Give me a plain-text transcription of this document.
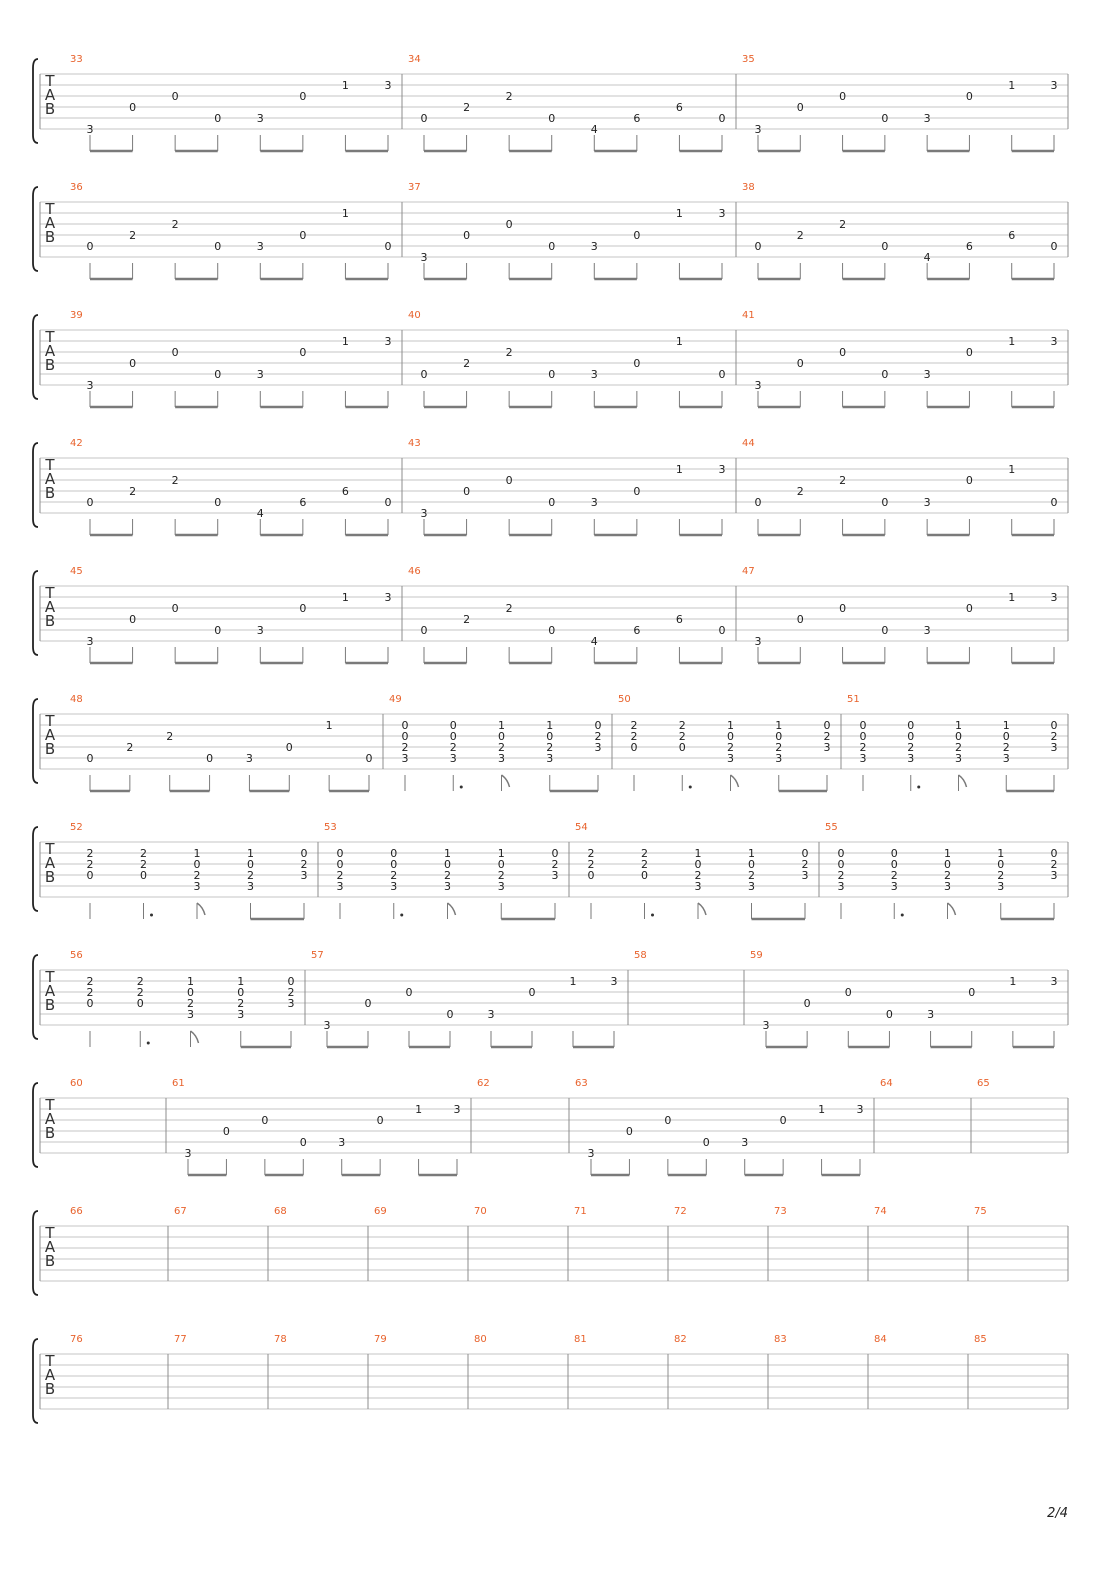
T
A
B
33
3
0
0
0	3
0
1	3
34
0
2
2
0
4
6
6
0
35
3
0
0
0	3
0
1	3
T
A
B
36
0
2
2
0	3
0
1
0
37
3
0
0
0	3
0
1	3
38
0
2
2
0
4
6
6
0
T
A
B
39
3
0
0
0	3
0
1	3
40
0
2
2
0	3
0
1
0
41
3
0
0
0	3
0
1	3
T
A
B
42
0
2
2
0
4
6
6
0
43
3
0
0
0	3
0
1	3
44
0
2
2
0	3
0
1
0
T
A
B
45
3
0
0
0	3
0
1	3
46
0
2
2
0
4
6
6
0
47
3
0
0
0	3
0
1	3
T
A
B
48
0
2
2
0	3
0
1
0
49
0
0
2
3
0
0
2
3
1
0
2
3
1
0
2
3
0
2
3
50
2
2
0
2
2
0
1
0
2
3
1
0
2
3
0
2
3
51
0
0
2
3
0
0
2
3
1
0
2
3
1
0
2
3
0
2
3
T
A
B
52
2
2
0
2
2
0
1
0
2
3
1
0
2
3
0
2
3
53
0
0
2
3
0
0
2
3
1
0
2
3
1
0
2
3
0
2
3
54
2
2
0
2
2
0
1
0
2
3
1
0
2
3
0
2
3
55
0
0
2
3
0
0
2
3
1
0
2
3
1
0
2
3
0
2
3
T
A
B
56
2
2
0
2
2
0
1
0
2
3
1
0
2
3
0
2
3
57
3
0
0
0	3
0
1	3
58	59
3
0
0
0	3
0
1	3
T
A
B
60	61
3
0
0
0	3
0
1	3
62	63
3
0
0
0	3
0
1	3
64	65
T
A
B
66	67	68	69	70	71	72	73	74	75
T
A
B
76	77	78	79	80	81	82	83	84	85
2/4
